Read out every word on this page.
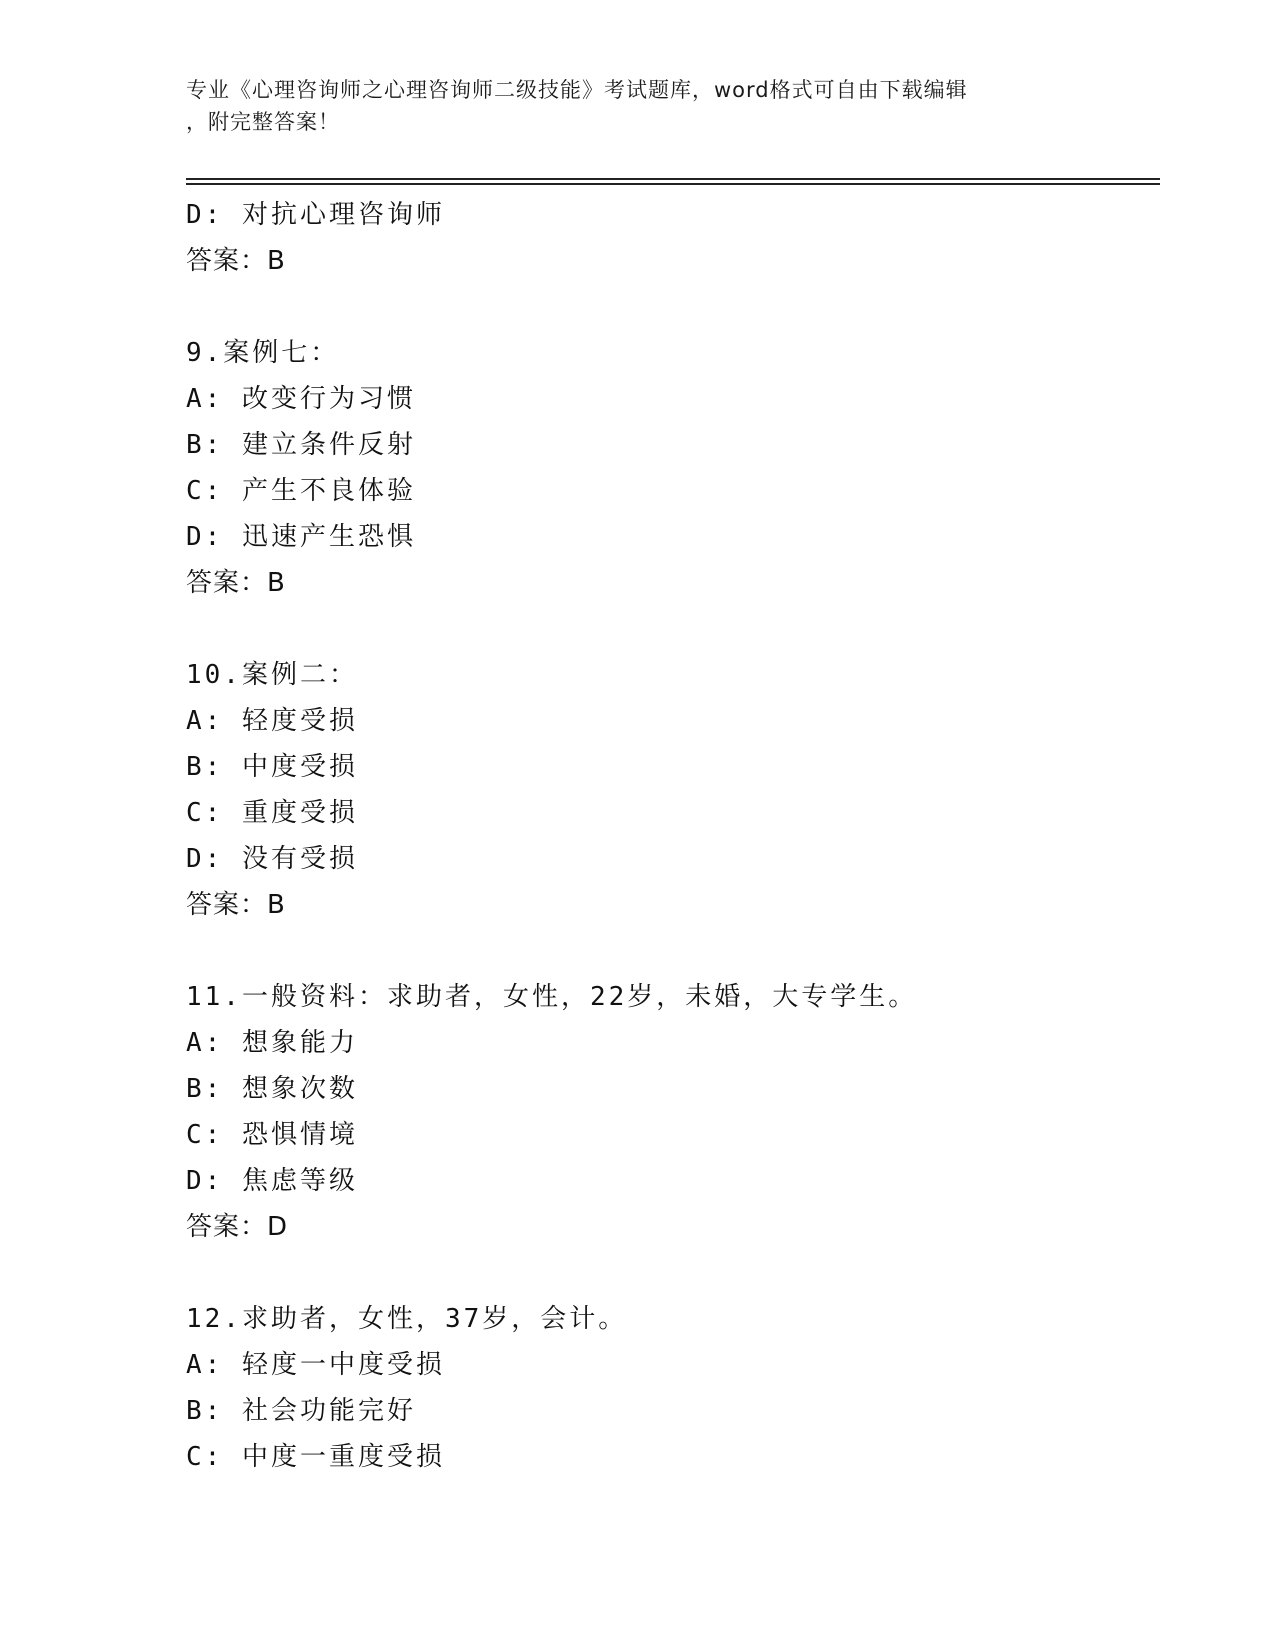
专业《心理咨询师之心理咨询师二级技能》考试题库，word格式可自由下载编辑
，附完整答案！
D: 对抗心理咨询师
答案：B
9.案例七：
A: 改变行为习惯
B: 建立条件反射
C: 产生不良体验
D: 迅速产生恐惧
答案：B
10.案例二：
A: 轻度受损
B: 中度受损
C: 重度受损
D: 没有受损
答案：B
11.一般资料：求助者，女性，22岁，未婚，大专学生。
A: 想象能力
B: 想象次数
C: 恐惧情境
D: 焦虑等级
答案：D
12.求助者，女性，37岁，会计。
A: 轻度一中度受损
B: 社会功能完好
C: 中度一重度受损
